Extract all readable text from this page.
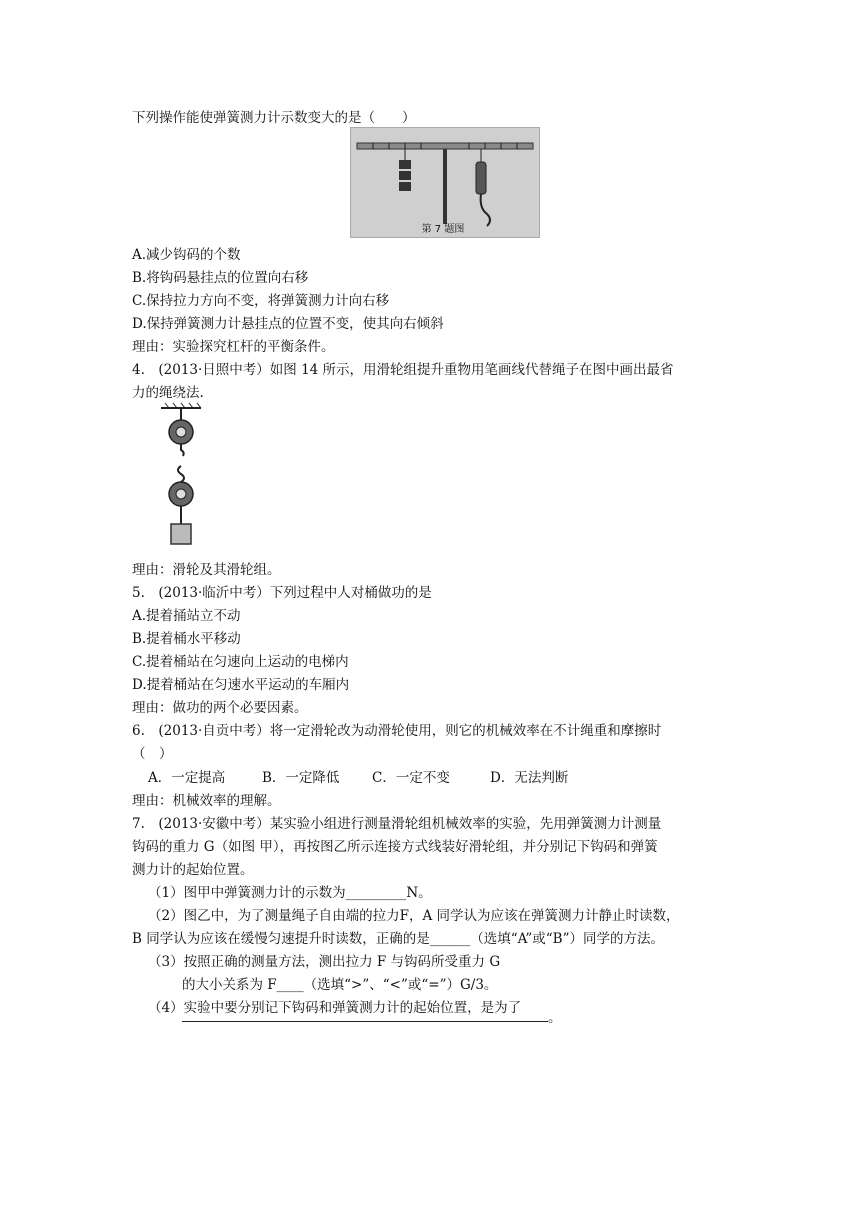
下列操作能使弹簧测力计示数变大的是（　　）
第 7 题图
A.减少钩码的个数
B.将钩码悬挂点的位置向右移
C.保持拉力方向不变，将弹簧测力计向右移
D.保持弹簧测力计悬挂点的位置不变，使其向右倾斜
理由：实验探究杠杆的平衡条件。
4.　(2013·日照中考）如图 14 所示，用滑轮组提升重物用笔画线代替绳子在图中画出最省
力的绳绕法.
理由：滑轮及其滑轮组。
5.　(2013·临沂中考）下列过程中人对桶做功的是
A.提着捅站立不动
B.提着桶水平移动
C.提着桶站在匀速向上运动的电梯内
D.提着桶站在匀速水平运动的车厢内
理由：做功的两个必要因素。
6.　(2013·自贡中考）将一定滑轮改为动滑轮使用，则它的机械效率在不计绳重和摩擦时
（　）
A．一定提高	B．一定降低 C．一定不变	D．无法判断
理由：机械效率的理解。
7.　(2013·安徽中考）某实验小组进行测量滑轮组机械效率的实验，先用弹簧测力计测量
钩码的重力 G（如图 甲），再按图乙所示连接方式线装好滑轮组，并分别记下钩码和弹簧
测力计的起始位置。
（1）图甲中弹簧测力计的示数为_________N。
（2）图乙中，为了测量绳子自由端的拉力F，A 同学认为应该在弹簧测力计静止时读数，
B 同学认为应该在缓慢匀速提升时读数，正确的是______（选填“A”或“B”）同学的方法。
（3）按照正确的测量方法，测出拉力 F 与钩码所受重力 G
的大小关系为 F____（选填“>”、“<”或“=”）G/3。
（4）实验中要分别记下钩码和弹簧测力计的起始位置，是为了
。
